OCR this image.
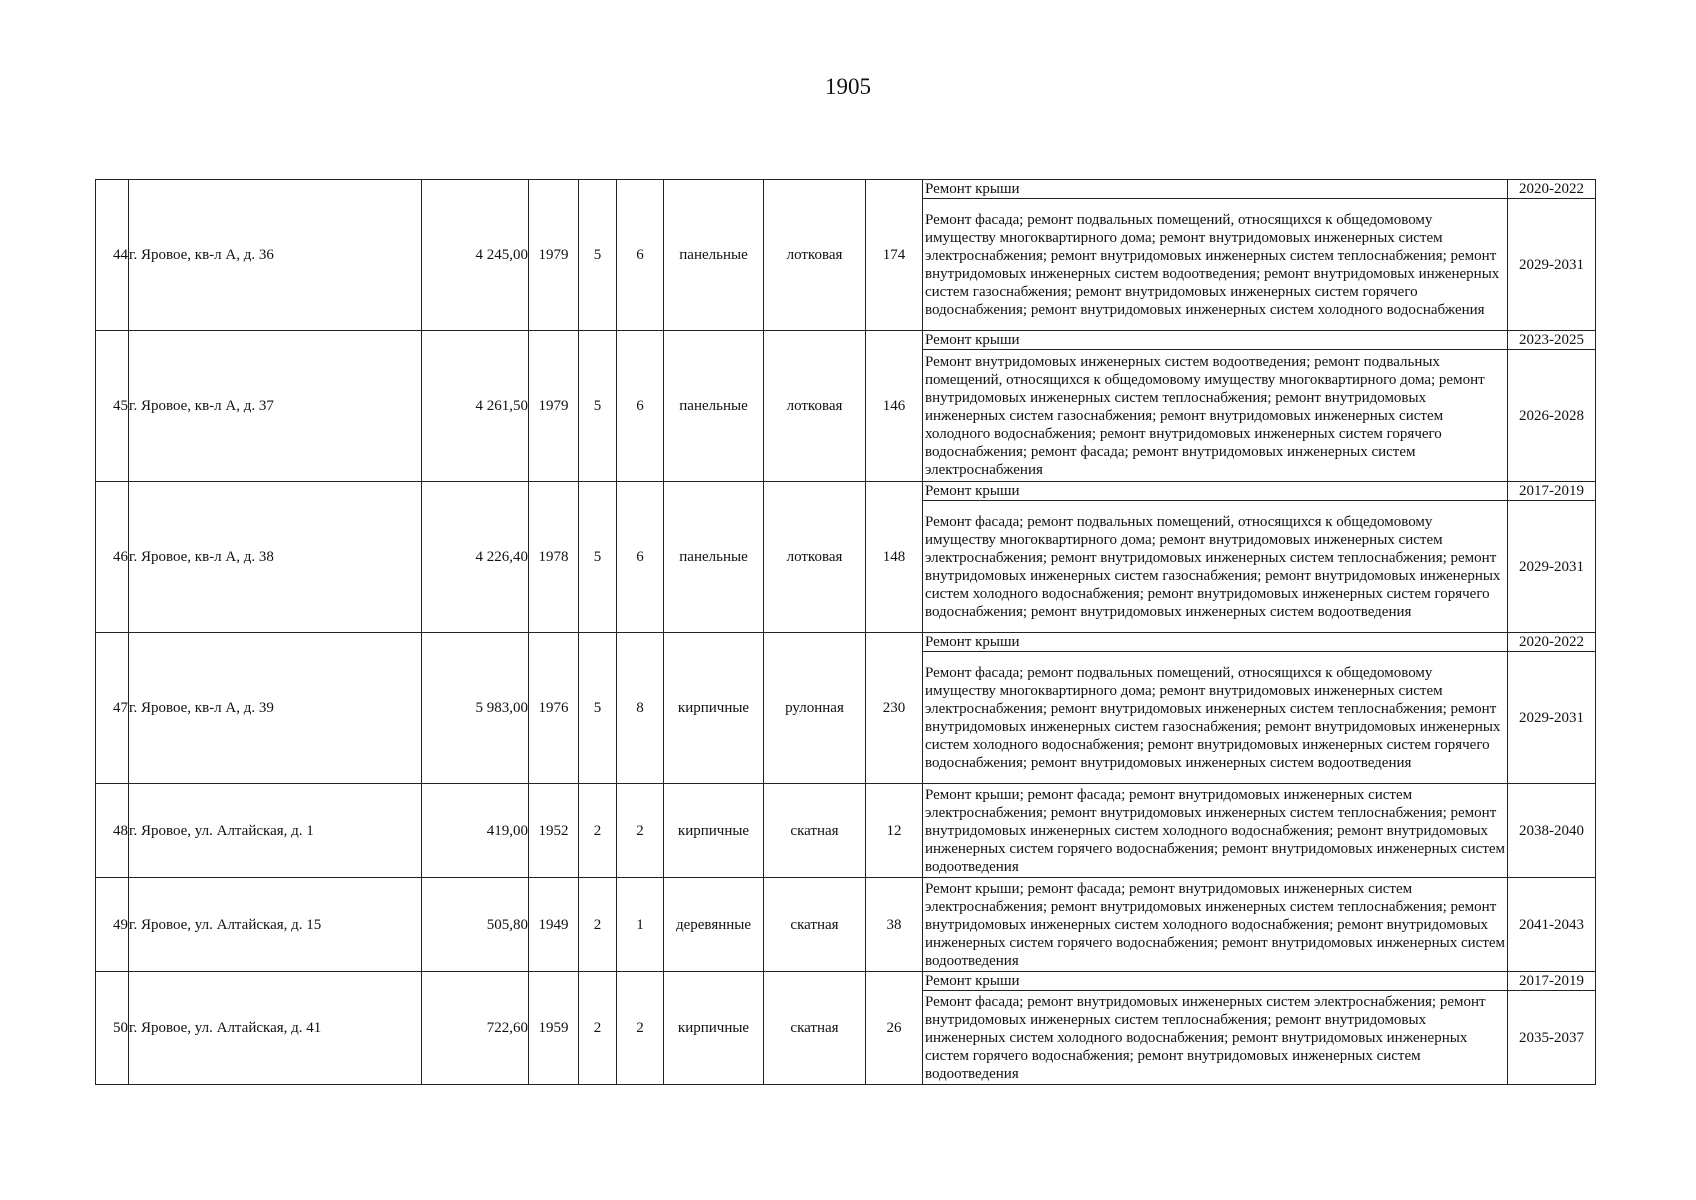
1905
44	г. Яровое, кв-л А, д. 36	4 245,00	1979	5	6	панельные	лотковая	174	Ремонт крыши	2020-2022
									Ремонт фасада; ремонт подвальных помещений, относящихся к общедомовому имуществу многоквартирного дома; ремонт внутридомовых инженерных систем электроснабжения; ремонт внутридомовых инженерных систем теплоснабжения; ремонт внутридомовых инженерных систем водоотведения; ремонт внутридомовых инженерных систем газоснабжения; ремонт внутридомовых инженерных систем горячего водоснабжения; ремонт внутридомовых инженерных систем холодного водоснабжения	2029-2031
45	г. Яровое, кв-л А, д. 37	4 261,50	1979	5	6	панельные	лотковая	146	Ремонт крыши	2023-2025
									Ремонт внутридомовых инженерных систем водоотведения; ремонт подвальных помещений, относящихся к общедомовому имуществу многоквартирного дома; ремонт внутридомовых инженерных систем теплоснабжения; ремонт внутридомовых инженерных систем газоснабжения; ремонт внутридомовых инженерных систем холодного водоснабжения; ремонт внутридомовых инженерных систем горячего водоснабжения; ремонт фасада; ремонт внутридомовых инженерных систем электроснабжения	2026-2028
46	г. Яровое, кв-л А, д. 38	4 226,40	1978	5	6	панельные	лотковая	148	Ремонт крыши	2017-2019
									Ремонт фасада; ремонт подвальных помещений, относящихся к общедомовому имуществу многоквартирного дома; ремонт внутридомовых инженерных систем электроснабжения; ремонт внутридомовых инженерных систем теплоснабжения; ремонт внутридомовых инженерных систем газоснабжения; ремонт внутридомовых инженерных систем холодного водоснабжения; ремонт внутридомовых инженерных систем горячего водоснабжения; ремонт внутридомовых инженерных систем водоотведения	2029-2031
47	г. Яровое, кв-л А, д. 39	5 983,00	1976	5	8	кирпичные	рулонная	230	Ремонт крыши	2020-2022
									Ремонт фасада; ремонт подвальных помещений, относящихся к общедомовому имуществу многоквартирного дома; ремонт внутридомовых инженерных систем электроснабжения; ремонт внутридомовых инженерных систем теплоснабжения; ремонт внутридомовых инженерных систем газоснабжения; ремонт внутридомовых инженерных систем холодного водоснабжения; ремонт внутридомовых инженерных систем горячего водоснабжения; ремонт внутридомовых инженерных систем водоотведения	2029-2031
48	г. Яровое, ул. Алтайская, д. 1	419,00	1952	2	2	кирпичные	скатная	12	Ремонт крыши; ремонт фасада; ремонт внутридомовых инженерных систем электроснабжения; ремонт внутридомовых инженерных систем теплоснабжения; ремонт внутридомовых инженерных систем холодного водоснабжения; ремонт внутридомовых инженерных систем горячего водоснабжения; ремонт внутридомовых инженерных систем водоотведения	2038-2040
49	г. Яровое, ул. Алтайская, д. 15	505,80	1949	2	1	деревянные	скатная	38	Ремонт крыши; ремонт фасада; ремонт внутридомовых инженерных систем электроснабжения; ремонт внутридомовых инженерных систем теплоснабжения; ремонт внутридомовых инженерных систем холодного водоснабжения; ремонт внутридомовых инженерных систем горячего водоснабжения; ремонт внутридомовых инженерных систем водоотведения	2041-2043
50	г. Яровое, ул. Алтайская, д. 41	722,60	1959	2	2	кирпичные	скатная	26	Ремонт крыши	2017-2019
									Ремонт фасада; ремонт внутридомовых инженерных систем электроснабжения; ремонт внутридомовых инженерных систем теплоснабжения; ремонт внутридомовых инженерных систем холодного водоснабжения; ремонт внутридомовых инженерных систем горячего водоснабжения; ремонт внутридомовых инженерных систем водоотведения	2035-2037
